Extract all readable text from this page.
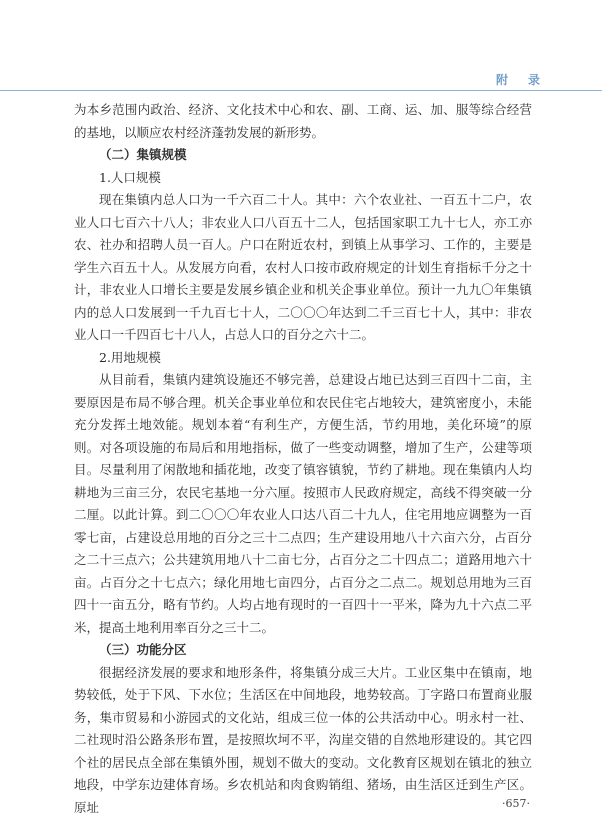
附　录

为本乡范围内政治、经济、文化技术中心和农、副、工商、运、加、服等综合经营的基地，以顺应农村经济蓬勃发展的新形势。

（二）集镇规模

1.人口规模

现在集镇内总人口为一千六百二十人。其中：六个农业社、一百五十二户，农业人口七百六十八人；非农业人口八百五十二人，包括国家职工九十七人，亦工亦农、社办和招聘人员一百人。户口在附近农村，到镇上从事学习、工作的，主要是学生六百五十人。从发展方向看，农村人口按市政府规定的计划生育指标千分之十计，非农业人口增长主要是发展乡镇企业和机关企事业单位。预计一九九〇年集镇内的总人口发展到一千九百七十人，二〇〇〇年达到二千三百七十人，其中：非农业人口一千四百七十八人，占总人口的百分之六十二。

2.用地规模

从目前看，集镇内建筑设施还不够完善，总建设占地已达到三百四十二亩，主要原因是布局不够合理。机关企事业单位和农民住宅占地较大，建筑密度小，未能充分发挥土地效能。规划本着“有利生产，方便生活，节约用地，美化环境”的原则。对各项设施的布局后和用地指标，做了一些变动调整，增加了生产，公建等项目。尽量利用了闲散地和插花地，改变了镇容镇貌，节约了耕地。现在集镇内人均耕地为三亩三分，农民宅基地一分六厘。按照市人民政府规定，高线不得突破一分二厘。以此计算。到二〇〇〇年农业人口达八百二十九人，住宅用地应调整为一百零七亩，占建设总用地的百分之三十二点四；生产建设用地八十六亩六分，占百分之二十三点六；公共建筑用地八十二亩七分，占百分之二十四点二；道路用地六十亩。占百分之十七点六；绿化用地七亩四分，占百分之二点二。规划总用地为三百四十一亩五分，略有节约。人均占地有现时的一百四十一平米，降为九十六点二平米，提高土地利用率百分之三十二。

（三）功能分区

很据经济发展的要求和地形条件，将集镇分成三大片。工业区集中在镇南，地势较低，处于下风、下水位；生活区在中间地段，地势较高。丁字路口布置商业服务，集市贸易和小游园式的文化站，组成三位一体的公共活动中心。明永村一社、二社现时沿公路条形布置，是按照坎坷不平，沟崖交错的自然地形建设的。其它四个社的居民点全部在集镇外围，规划不做大的变动。文化教育区规划在镇北的独立地段，中学东边建体育场。乡农机站和肉食购销组、猪场，由生活区迁到生产区。原址	·657·
